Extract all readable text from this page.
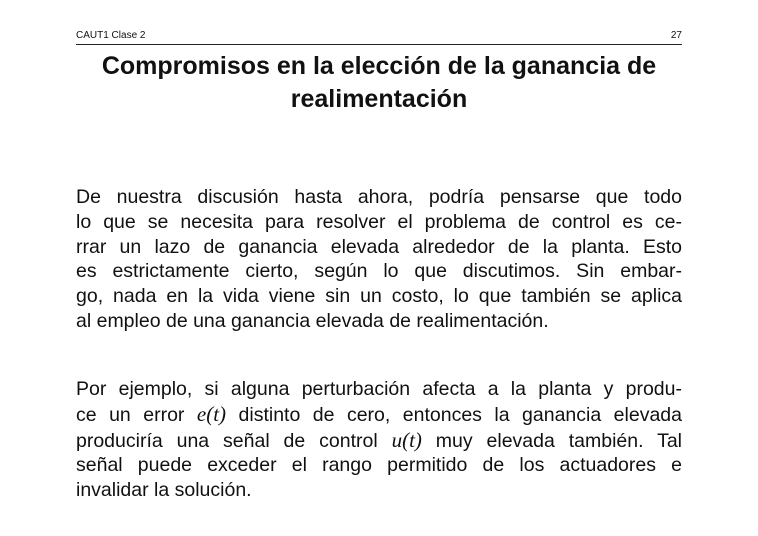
CAUT1 Clase 2	27
Compromisos en la elección de la ganancia de
realimentación
De nuestra discusión hasta ahora, podría pensarse que todo
lo que se necesita para resolver el problema de control es ce-
rrar un lazo de ganancia elevada alrededor de la planta. Esto
es estrictamente cierto, según lo que discutimos. Sin embar-
go, nada en la vida viene sin un costo, lo que también se aplica
al empleo de una ganancia elevada de realimentación.
Por ejemplo, si alguna perturbación afecta a la planta y produ-
ce un error e(t) distinto de cero, entonces la ganancia elevada
produciría una señal de control u(t) muy elevada también. Tal
señal puede exceder el rango permitido de los actuadores e
invalidar la solución.
